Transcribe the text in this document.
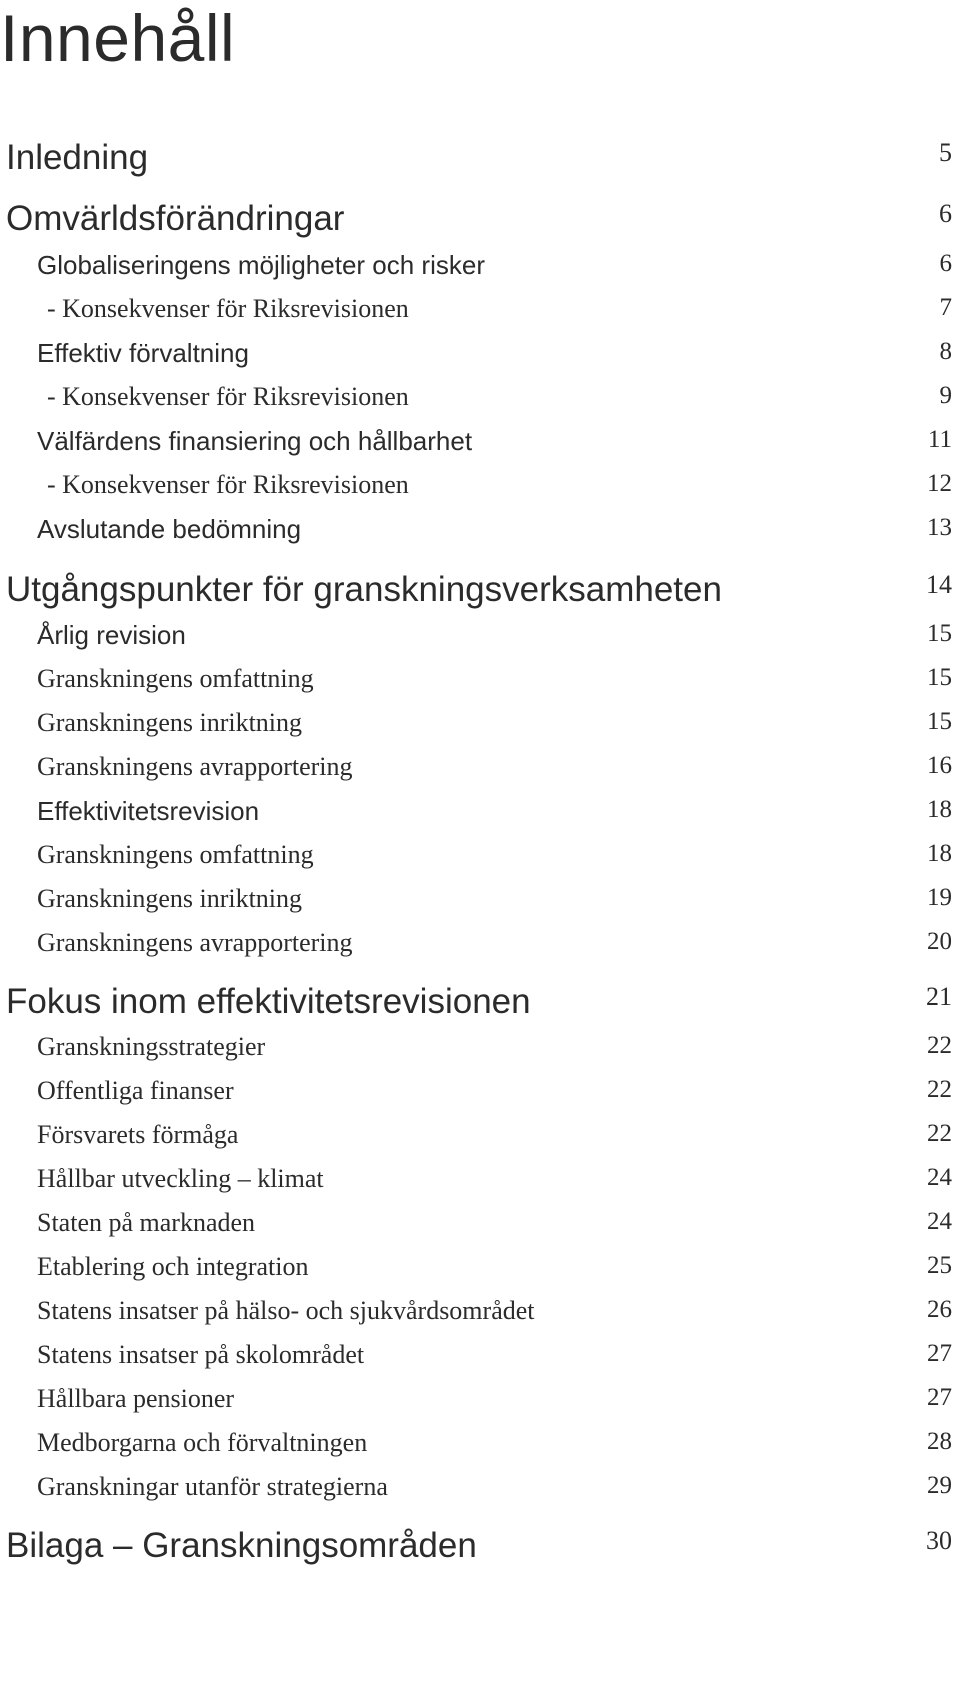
Innehåll
Inledning	5
Omvärldsförändringar	6
Globaliseringens möjligheter och risker	6
- Konsekvenser för Riksrevisionen	7
Effektiv förvaltning	8
- Konsekvenser för Riksrevisionen	9
Välfärdens finansiering och hållbarhet	11
- Konsekvenser för Riksrevisionen	12
Avslutande bedömning	13
Utgångspunkter för granskningsverksamheten	14
Årlig revision	15
Granskningens omfattning	15
Granskningens inriktning	15
Granskningens avrapportering	16
Effektivitetsrevision	18
Granskningens omfattning	18
Granskningens inriktning	19
Granskningens avrapportering	20
Fokus inom effektivitetsrevisionen	21
Granskningsstrategier	22
Offentliga finanser	22
Försvarets förmåga	22
Hållbar utveckling – klimat	24
Staten på marknaden	24
Etablering och integration	25
Statens insatser på hälso- och sjukvårdsområdet	26
Statens insatser på skolområdet	27
Hållbara pensioner	27
Medborgarna och förvaltningen	28
Granskningar utanför strategierna	29
Bilaga – Granskningsområden	30
